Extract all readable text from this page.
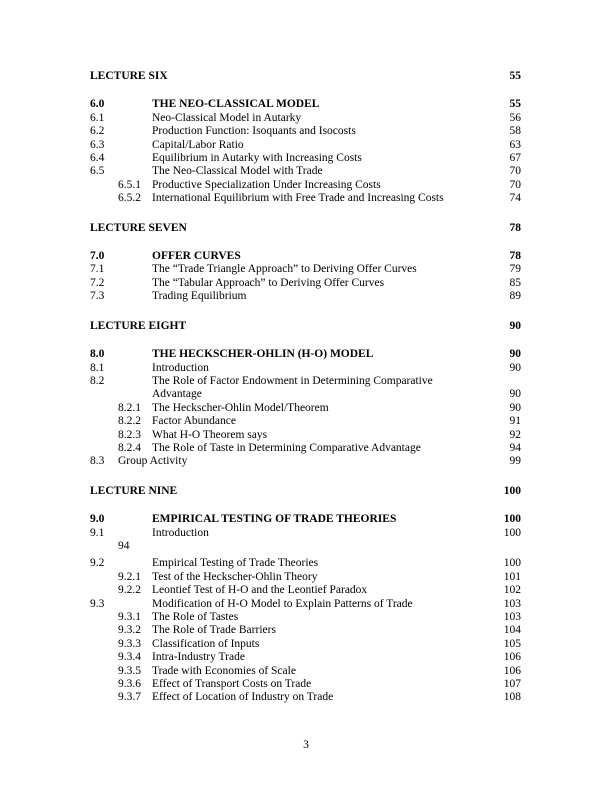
LECTURE SIX	55
6.0	THE NEO-CLASSICAL MODEL	55
6.1	Neo-Classical Model in Autarky	56
6.2	Production Function: Isoquants and Isocosts	58
6.3	Capital/Labor Ratio	63
6.4	Equilibrium in Autarky with Increasing Costs	67
6.5	The Neo-Classical Model with Trade	70
6.5.1 Productive Specialization Under Increasing Costs	70
6.5.2 International Equilibrium with Free Trade and Increasing Costs	74
LECTURE SEVEN	78
7.0	OFFER CURVES	78
7.1	The “Trade Triangle Approach” to Deriving Offer Curves	79
7.2	The “Tabular Approach” to Deriving Offer Curves	85
7.3	Trading Equilibrium	89
LECTURE EIGHT	90
8.0	THE HECKSCHER-OHLIN (H-O) MODEL	90
8.1	Introduction	90
8.2	The Role of Factor Endowment in Determining Comparative
Advantage	90
8.2.1 The Heckscher-Ohlin Model/Theorem	90
8.2.2 Factor Abundance	91
8.2.3 What H-O Theorem says	92
8.2.4 The Role of Taste in Determining Comparative Advantage	94
8.3	Group Activity	99
LECTURE NINE	100
9.0	EMPIRICAL TESTING OF TRADE THEORIES	100
9.1	Introduction	100
94
9.2	Empirical Testing of Trade Theories	100
9.2.1 Test of the Heckscher-Ohlin Theory	101
9.2.2 Leontief Test of H-O and the Leontief Paradox	102
9.3	Modification of H-O Model to Explain Patterns of Trade	103
9.3.1 The Role of Tastes	103
9.3.2 The Role of Trade Barriers	104
9.3.3 Classification of Inputs	105
9.3.4 Intra-Industry Trade	106
9.3.5 Trade with Economies of Scale	106
9.3.6 Effect of Transport Costs on Trade	107
9.3.7 Effect of Location of Industry on Trade	108
3
